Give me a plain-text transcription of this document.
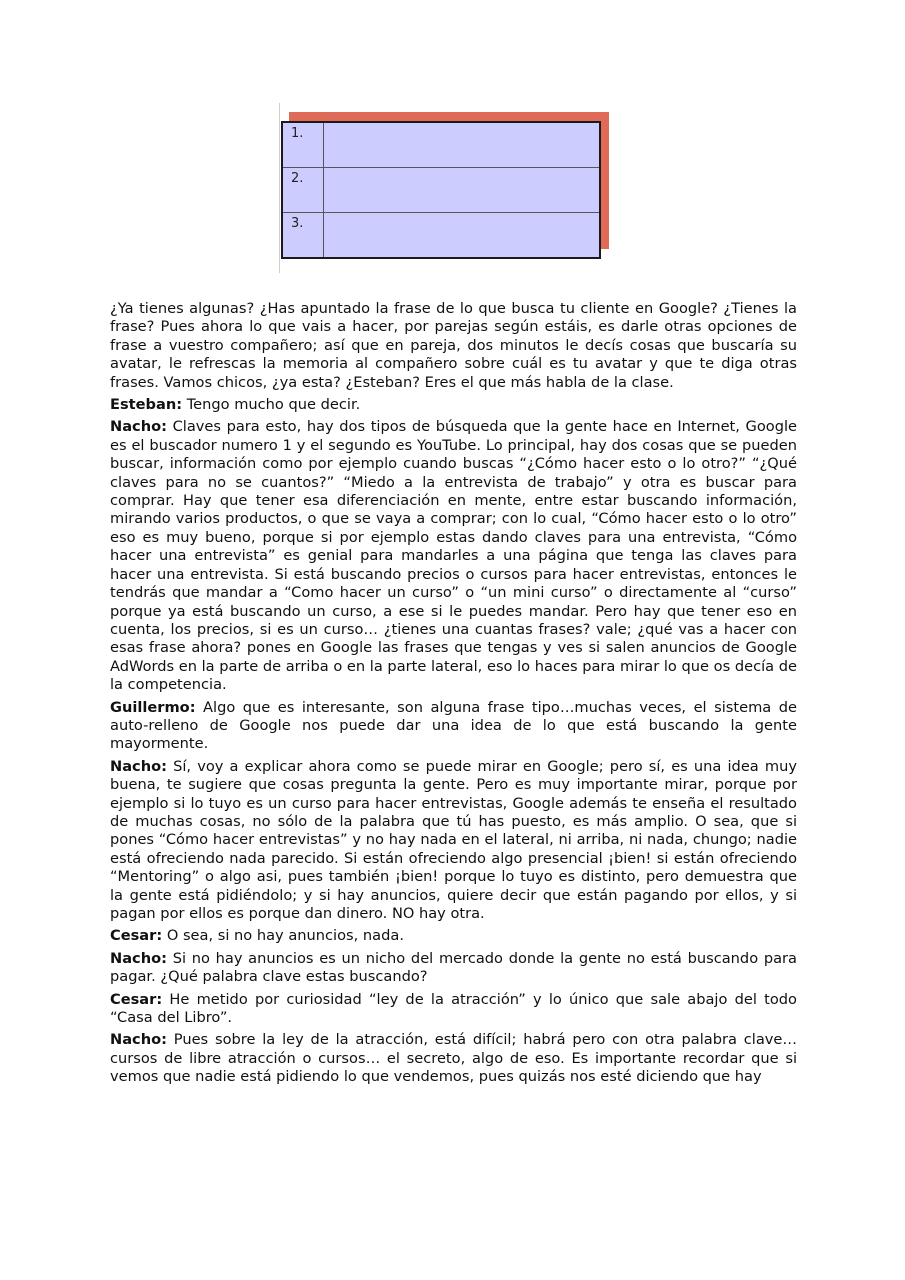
1.	
2.	
3.	

¿Ya tienes algunas? ¿Has apuntado la frase de lo que busca tu cliente en Google? ¿Tienes la frase? Pues ahora lo que vais a hacer, por parejas según estáis, es darle otras opciones de frase a vuestro compañero; así que en pareja, dos minutos le decís cosas que buscaría su avatar, le refrescas la memoria al compañero sobre cuál es tu avatar y que te diga otras frases. Vamos chicos, ¿ya esta? ¿Esteban? Eres el que más habla de la clase.

Esteban: Tengo mucho que decir.

Nacho: Claves para esto, hay dos tipos de búsqueda que la gente hace en Internet, Google es el buscador numero 1 y el segundo es YouTube. Lo principal, hay dos cosas que se pueden buscar, información como por ejemplo cuando buscas “¿Cómo hacer esto o lo otro?” “¿Qué claves para no se cuantos?” “Miedo a la entrevista de trabajo” y otra es buscar para comprar. Hay que tener esa diferenciación en mente, entre estar buscando información, mirando varios productos, o que se vaya a comprar; con lo cual, “Cómo hacer esto o lo otro” eso es muy bueno, porque si por ejemplo estas dando claves para una entrevista, “Cómo hacer una entrevista” es genial para mandarles a una página que tenga las claves para hacer una entrevista. Si está buscando precios o cursos para hacer entrevistas, entonces le tendrás que mandar a “Como hacer un curso” o “un mini curso” o directamente al “curso” porque ya está buscando un curso, a ese si le puedes mandar. Pero hay que tener eso en cuenta, los precios, si es un curso… ¿tienes una cuantas frases? vale; ¿qué vas a hacer con esas frase ahora? pones en Google las frases que tengas y ves si salen anuncios de Google AdWords en la parte de arriba o en la parte lateral, eso lo haces para mirar lo que os decía de la competencia.

Guillermo: Algo que es interesante, son alguna frase tipo…muchas veces, el sistema de auto-relleno de Google nos puede dar una idea de lo que está buscando la gente mayormente.

Nacho: Sí, voy a explicar ahora como se puede mirar en Google; pero sí, es una idea muy buena, te sugiere que cosas pregunta la gente. Pero es muy importante mirar, porque por ejemplo si lo tuyo es un curso para hacer entrevistas, Google además te enseña el resultado de muchas cosas, no sólo de la palabra que tú has puesto, es más amplio. O sea, que si pones “Cómo hacer entrevistas” y no hay nada en el lateral, ni arriba, ni nada, chungo; nadie está ofreciendo nada parecido. Si están ofreciendo algo presencial ¡bien! si están ofreciendo “Mentoring” o algo asi, pues también ¡bien! porque lo tuyo es distinto, pero demuestra que la gente está pidiéndolo; y si hay anuncios, quiere decir que están pagando por ellos, y si pagan por ellos es porque dan dinero. NO hay otra.

Cesar: O sea, si no hay anuncios, nada.

Nacho: Si no hay anuncios es un nicho del mercado donde la gente no está buscando para pagar. ¿Qué palabra clave estas buscando?

Cesar: He metido por curiosidad “ley de la atracción” y lo único que sale abajo del todo “Casa del Libro”.

Nacho: Pues sobre la ley de la atracción, está difícil; habrá pero con otra palabra clave… cursos de libre atracción o cursos… el secreto, algo de eso. Es importante recordar que si vemos que nadie está pidiendo lo que vendemos, pues quizás nos esté diciendo que hay
